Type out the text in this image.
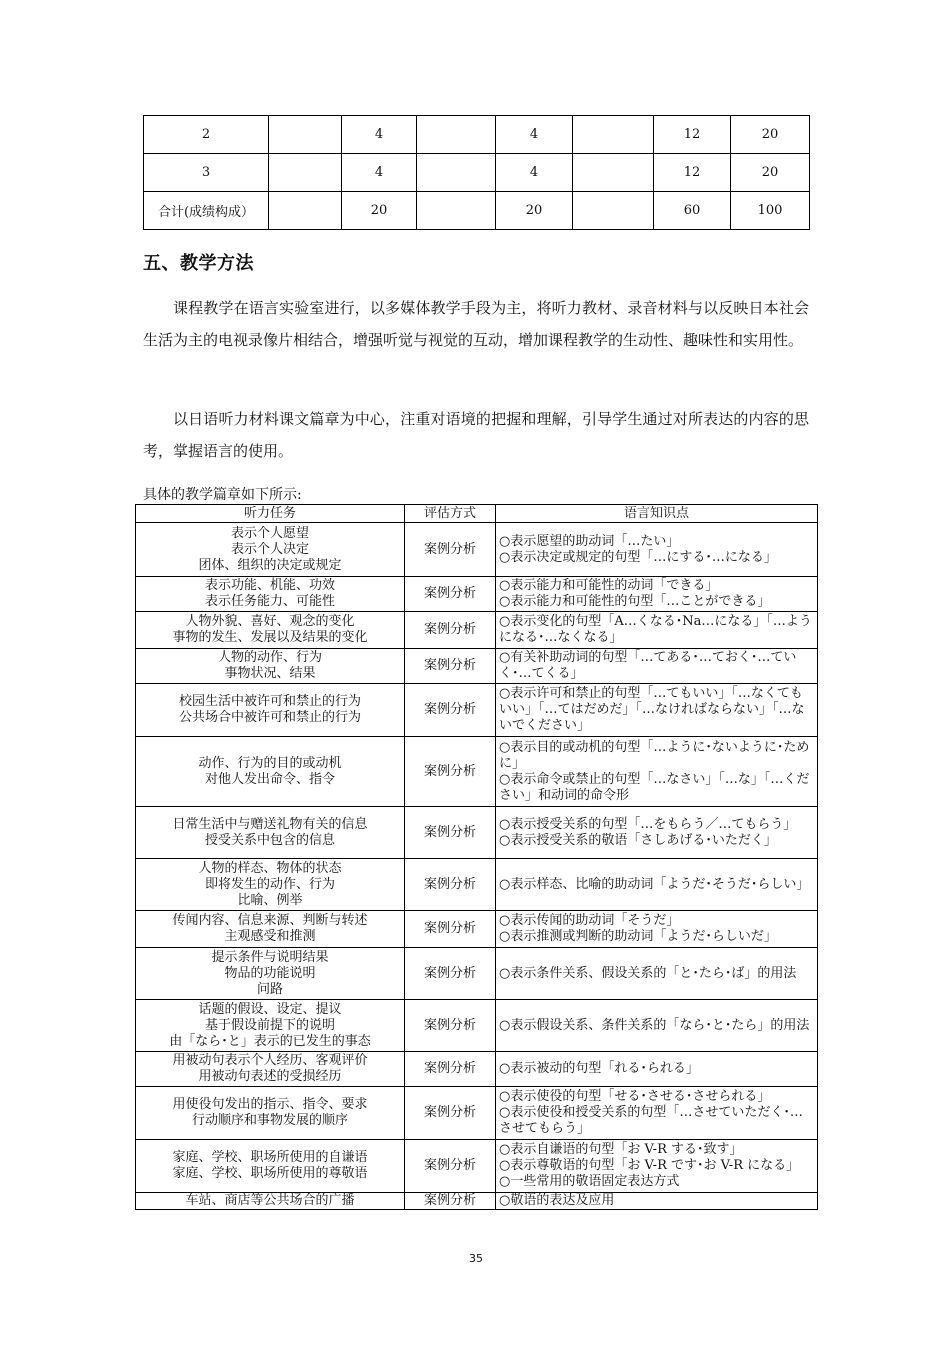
2		4		4		12	20
3		4		4		12	20
合计(成绩构成）		20		20		60	100
五、教学方法

课程教学在语言实验室进行，以多媒体教学手段为主，将听力教材、录音材料与以反映日本社会生活为主的电视录像片相结合，增强听觉与视觉的互动，增加课程教学的生动性、趣味性和实用性。

以日语听力材料课文篇章为中心，注重对语境的把握和理解，引导学生通过对所表达的内容的思考，掌握语言的使用。

具体的教学篇章如下所示:
听力任务	评估方式	语言知识点

表示个人愿望
表示个人决定
团体、组织的决定或规定	案例分析	○表示愿望的助动词「…たい」
○表示决定或规定的句型「…にする･…になる」

表示功能、机能、功效
表示任务能力、可能性	案例分析	○表示能力和可能性的动词「できる」
○表示能力和可能性的句型「…ことができる」

人物外貌、喜好、观念的变化
事物的发生、发展以及结果的变化	案例分析	○表示变化的句型「A…くなる･Na…になる」「…ようになる･…なくなる」

人物的动作、行为
事物状况、结果	案例分析	○有关补助动词的句型「…てある･…ておく･…ていく･…てくる」

校园生活中被许可和禁止的行为
公共场合中被许可和禁止的行为	案例分析	○表示许可和禁止的句型「…てもいい」「…なくてもいい」「…てはだめだ」「…なければならない」「…ないでください」

动作、行为的目的或动机
对他人发出命令、指令	案例分析	○表示目的或动机的句型「…ように･ないように･ために」
○表示命令或禁止的句型「…なさい」「…な」「…ください」和动词的命令形

日常生活中与赠送礼物有关的信息
授受关系中包含的信息	案例分析	○表示授受关系的句型「…をもらう／…てもらう」
○表示授受关系的敬语「さしあげる･いただく」

人物的样态、物体的状态
即将发生的动作、行为
比喻、例举	案例分析	○表示样态、比喻的助动词「ようだ･そうだ･らしい」

传闻内容、信息来源、判断与转述
主观感受和推测	案例分析	○表示传闻的助动词「そうだ」
○表示推测或判断的助动词「ようだ･らしいだ」

提示条件与说明结果
物品的功能说明
问路	案例分析	○表示条件关系、假设关系的「と･たら･ば」的用法

话题的假设、设定、提议
基于假设前提下的说明
由「なら･と」表示的已发生的事态	案例分析	○表示假设关系、条件关系的「なら･と･たら」的用法

用被动句表示个人经历、客观评价
用被动句表述的受损经历	案例分析	○表示被动的句型「れる･られる」

用使役句发出的指示、指令、要求
行动顺序和事物发展的顺序	案例分析	○表示使役的句型「せる･させる･させられる」
○表示使役和授受关系的句型「…させていただく･…させてもらう」

家庭、学校、职场所使用的自谦语
家庭、学校、职场所使用的尊敬语	案例分析	○表示自谦语的句型「お V-R する･致す」
○表示尊敬语的句型「お V-R です･お V-R になる」
○一些常用的敬语固定表达方式

车站、商店等公共场合的广播	案例分析	○敬语的表达及应用
35
